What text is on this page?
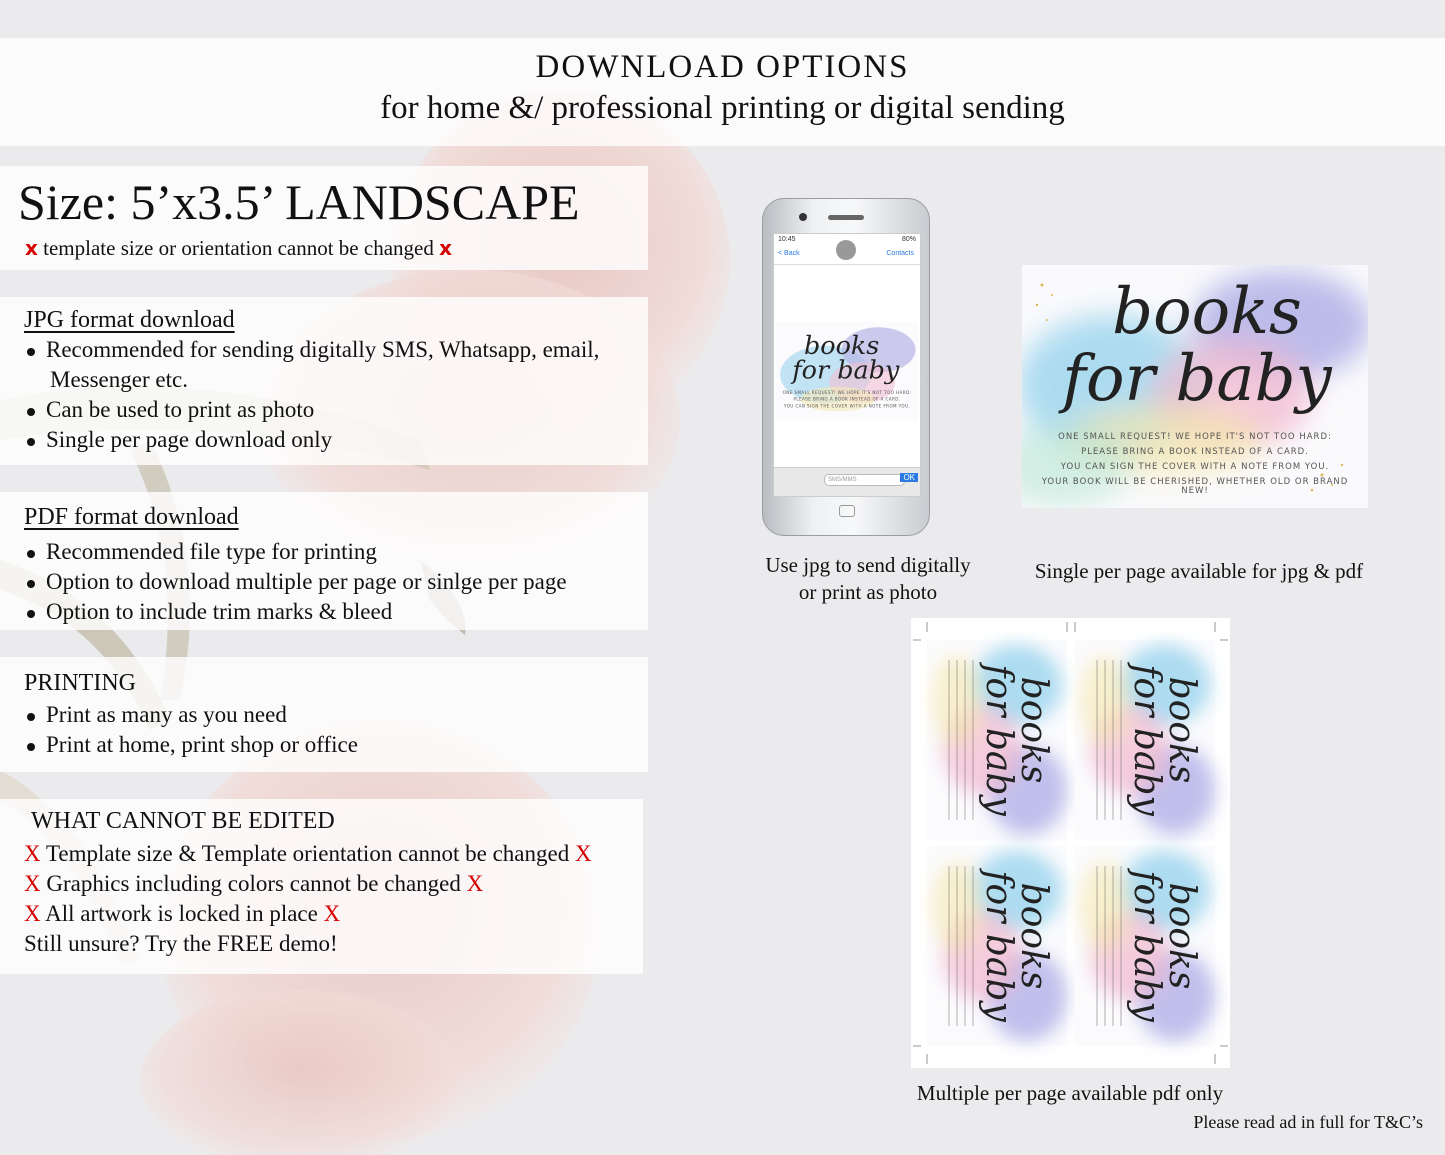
DOWNLOAD OPTIONS
for home &/ professional printing or digital sending
Size: 5’x3.5’ LANDSCAPE
x template size or orientation cannot be changed x
JPG format download
Recommended for sending digitally SMS, Whatsapp, email,
Messenger etc.
Can be used to print as photo
Single per page download only
PDF format download
Recommended file type for printing
Option to download multiple per page or sinlge per page
Option to include trim marks & bleed
PRINTING
Print as many as you need
Print at home, print shop or office
WHAT CANNOT BE EDITED
X Template size & Template orientation cannot be changed X
X Graphics including colors cannot be changed X
X All artwork is locked in place X
Still unsure? Try the FREE demo!
10:45	80%
< Back	Contacts
books
for baby
ONE SMALL REQUEST! WE HOPE IT'S NOT TOO HARD:
PLEASE BRING A BOOK INSTEAD OF A CARD.
YOU CAN SIGN THE COVER WITH A NOTE FROM YOU.
SMS/MMS	OK
Use jpg to send digitally
or print as photo
books
for baby
ONE SMALL REQUEST! WE HOPE IT'S NOT TOO HARD:
PLEASE BRING A BOOK INSTEAD OF A CARD.
YOU CAN SIGN THE COVER WITH A NOTE FROM YOU.
YOUR BOOK WILL BE CHERISHED, WHETHER OLD OR BRAND
NEW!
Single per page available for jpg & pdf
Multiple per page available pdf only
Please read ad in full for T&C’s
